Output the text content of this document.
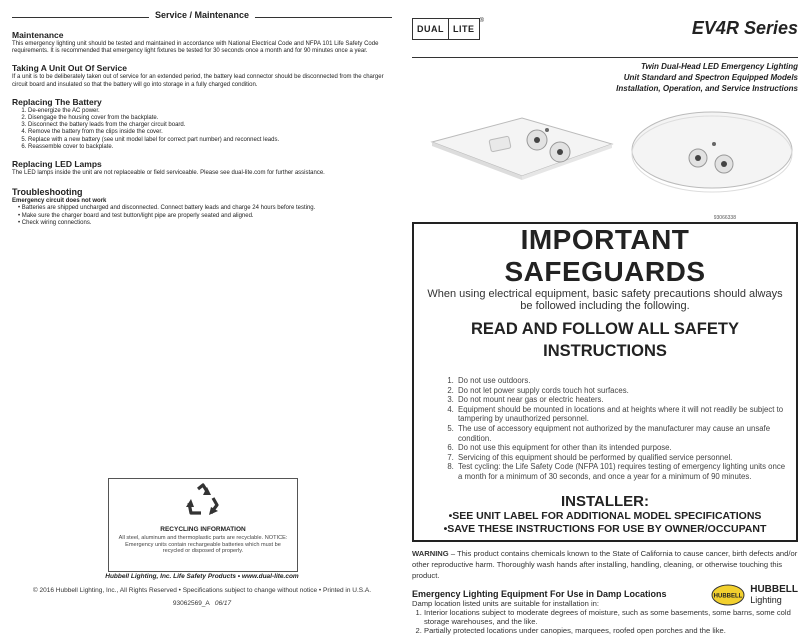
Service / Maintenance
Maintenance

This emergency lighting unit should be tested and maintained in accordance with National Electrical Code and NFPA 101 Life Safety Code requirements. It is recommended that emergency light fixtures be tested for 30 seconds once a month and for 90 minutes once a year.

Taking A Unit Out Of Service

If a unit is to be deliberately taken out of service for an extended period, the battery lead connector should be disconnected from the charger circuit board and insulated so that the battery will go into storage in a fully charged condition.

Replacing The Battery
1. De-energize the AC power.
2. Disengage the housing cover from the backplate.
3. Disconnect the battery leads from the charger circuit board.
4. Remove the battery from the clips inside the cover.
5. Replace with a new battery (see unit model label for correct part number) and reconnect leads.
6. Reassemble cover to backplate.
Replacing LED Lamps

The LED lamps inside the unit are not replaceable or field serviceable. Please see dual-lite.com for further assistance.

Troubleshooting

Emergency circuit does not work

• Batteries are shipped uncharged and disconnected. Connect battery leads and charge 24 hours before testing.
• Make sure the charger board and test button/light pipe are properly seated and aligned.
• Check wiring connections.
RECYCLING INFORMATION
All steel, aluminum and thermoplastic parts are recyclable. NOTICE: Emergency units contain rechargeable batteries which must be recycled or disposed of properly.
Hubbell Lighting, Inc. Life Safety Products • www.dual-lite.com
© 2016 Hubbell Lighting, Inc., All Rights Reserved • Specifications subject to change without notice • Printed in U.S.A.
93062569_A 06/17
DUAL	LITE
®	EV4R Series
Twin Dual-Head LED Emergency Lighting
Unit Standard and Spectron Equipped Models
Installation, Operation, and Service Instructions
93066338
IMPORTANT SAFEGUARDS
When using electrical equipment, basic safety precautions should always be followed including the following.
READ AND FOLLOW ALL SAFETY INSTRUCTIONS
1. Do not use outdoors.
2. Do not let power supply cords touch hot surfaces.
3. Do not mount near gas or electric heaters.
4. Equipment should be mounted in locations and at heights where it will not readily be subject to tampering by unauthorized personnel.
5. The use of accessory equipment not authorized by the manufacturer may cause an unsafe condition.
6. Do not use this equipment for other than its intended purpose.
7. Servicing of this equipment should be performed by qualified service personnel.
8. Test cycling: the Life Safety Code (NFPA 101) requires testing of emergency lighting units once a month for a minimum of 30 seconds, and once a year for a minimum of 90 minutes.
INSTALLER:
•SEE UNIT LABEL FOR ADDITIONAL MODEL SPECIFICATIONS
•SAVE THESE INSTRUCTIONS FOR USE BY OWNER/OCCUPANT
WARNING – This product contains chemicals known to the State of California to cause cancer, birth defects and/or other reproductive harm. Thoroughly wash hands after installing, handling, cleaning, or otherwise touching this product.
Emergency Lighting Equipment For Use in Damp Locations

Damp location listed units are suitable for installation in:

1. Interior locations subject to moderate degrees of moisture, such as some basements, some barns, some cold storage warehouses, and the like.
2. Partially protected locations under canopies, marquees, roofed open porches and the like.
HUBBELL
HUBBELL
Lighting
